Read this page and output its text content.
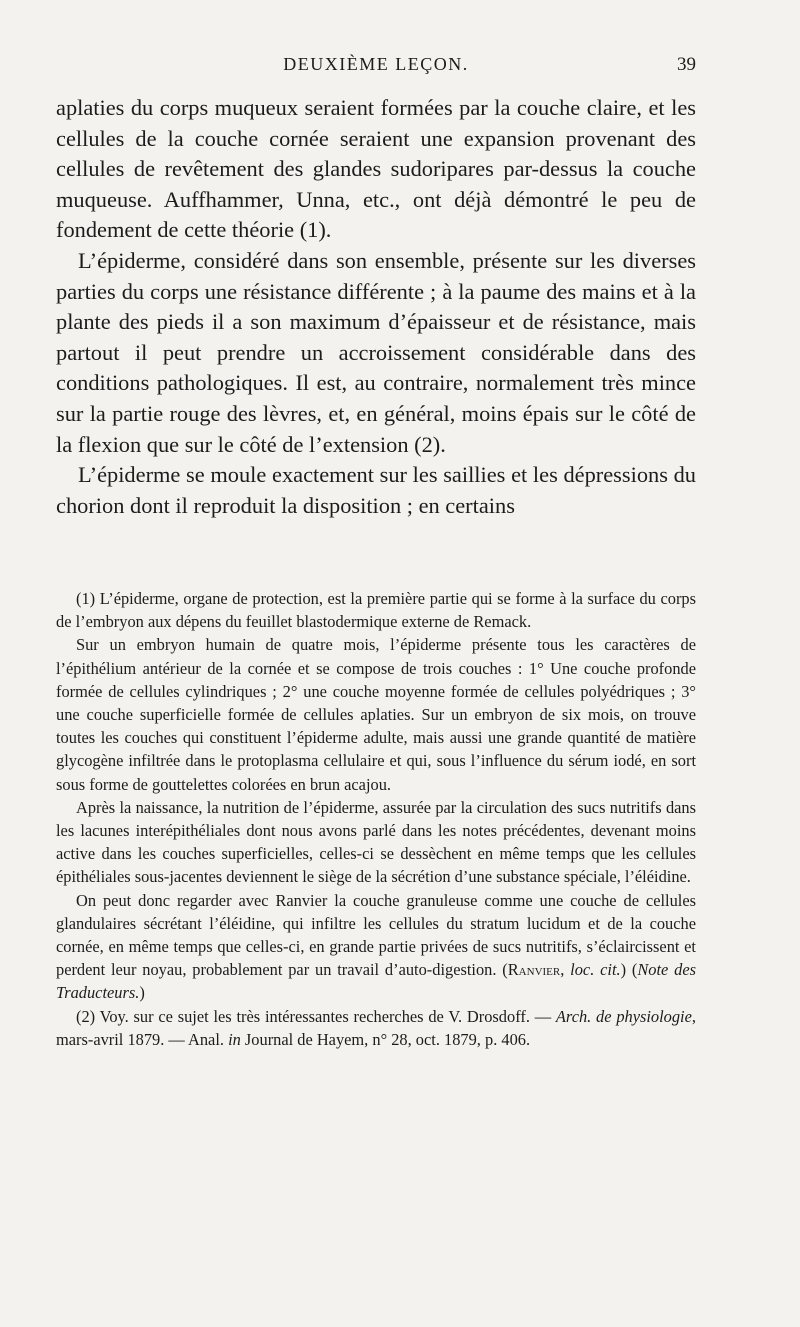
DEUXIÈME LEÇON.	39

aplaties du corps muqueux seraient formées par la couche claire, et les cellules de la couche cornée seraient une expansion provenant des cellules de revêtement des glandes sudoripares par-dessus la couche muqueuse. Auffhammer, Unna, etc., ont déjà démontré le peu de fondement de cette théorie (1).

L’épiderme, considéré dans son ensemble, présente sur les diverses parties du corps une résistance différente ; à la paume des mains et à la plante des pieds il a son maximum d’épaisseur et de résistance, mais partout il peut prendre un accroissement considérable dans des conditions pathologiques. Il est, au contraire, normalement très mince sur la partie rouge des lèvres, et, en général, moins épais sur le côté de la flexion que sur le côté de l’extension (2).

L’épiderme se moule exactement sur les saillies et les dépressions du chorion dont il reproduit la disposition ; en certains

(1) L’épiderme, organe de protection, est la première partie qui se forme à la surface du corps de l’embryon aux dépens du feuillet blastodermique externe de Remack.

Sur un embryon humain de quatre mois, l’épiderme présente tous les caractères de l’épithélium antérieur de la cornée et se compose de trois couches : 1° Une couche profonde formée de cellules cylindriques ; 2° une couche moyenne formée de cellules polyédriques ; 3° une couche superficielle formée de cellules aplaties. Sur un embryon de six mois, on trouve toutes les couches qui constituent l’épiderme adulte, mais aussi une grande quantité de matière glycogène infiltrée dans le protoplasma cellulaire et qui, sous l’influence du sérum iodé, en sort sous forme de gouttelettes colorées en brun acajou.

Après la naissance, la nutrition de l’épiderme, assurée par la circulation des sucs nutritifs dans les lacunes interépithéliales dont nous avons parlé dans les notes précédentes, devenant moins active dans les couches superficielles, celles-ci se dessèchent en même temps que les cellules épithéliales sous-jacentes deviennent le siège de la sécrétion d’une substance spéciale, l’éléidine.

On peut donc regarder avec Ranvier la couche granuleuse comme une couche de cellules glandulaires sécrétant l’éléidine, qui infiltre les cellules du stratum lucidum et de la couche cornée, en même temps que celles-ci, en grande partie privées de sucs nutritifs, s’éclaircissent et perdent leur noyau, probablement par un travail d’auto-digestion. (Ranvier, loc. cit.) (Note des Traducteurs.)

(2) Voy. sur ce sujet les très intéressantes recherches de V. Drosdoff. — Arch. de physiologie, mars-avril 1879. — Anal. in Journal de Hayem, n° 28, oct. 1879, p. 406.
